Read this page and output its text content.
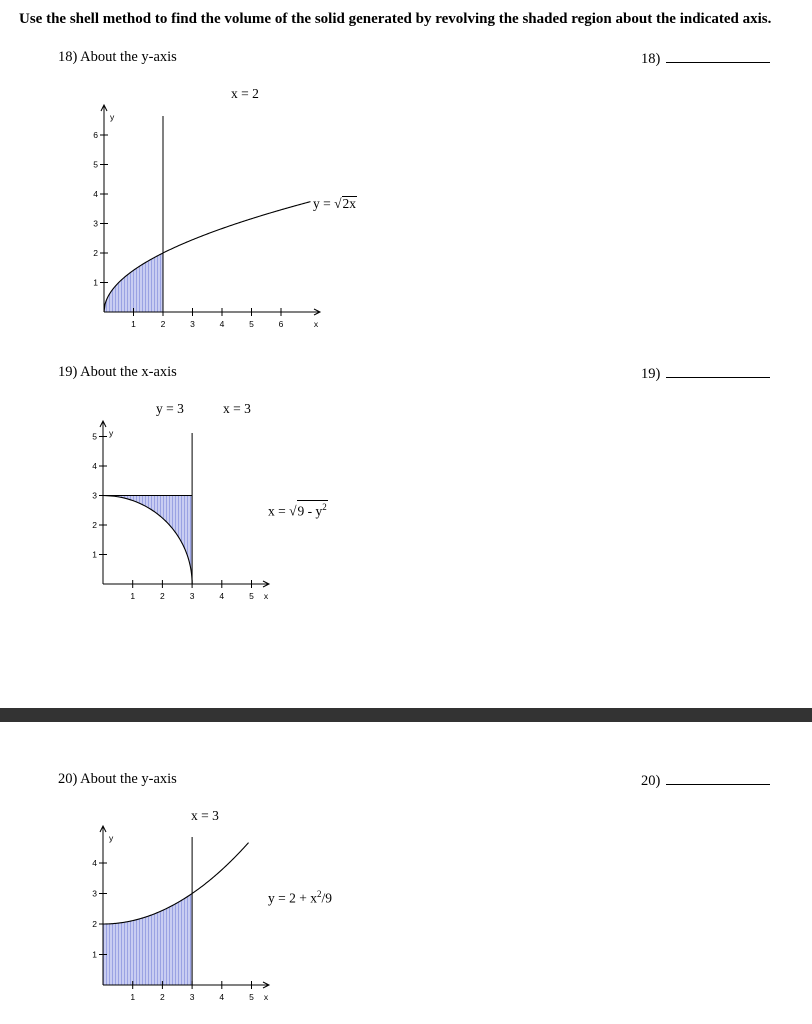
Use the shell method to find the volume of the solid generated by revolving the shaded region about the indicated axis.
18) About the y-axis	18)
19) About the x-axis	19)
20) About the y-axis	20)
x = 2
y = √2x
y = 3	x = 3
$x = √9 - y^2$
x = 3
$y = 2 + x^2/9$
1	2	3	4	5	6
1
2
3
4
5
6
x
y
1	2	3	4	5
1
2
3
4
5
x
y
1	2	3	4	5
1
2
3
4
x
y
